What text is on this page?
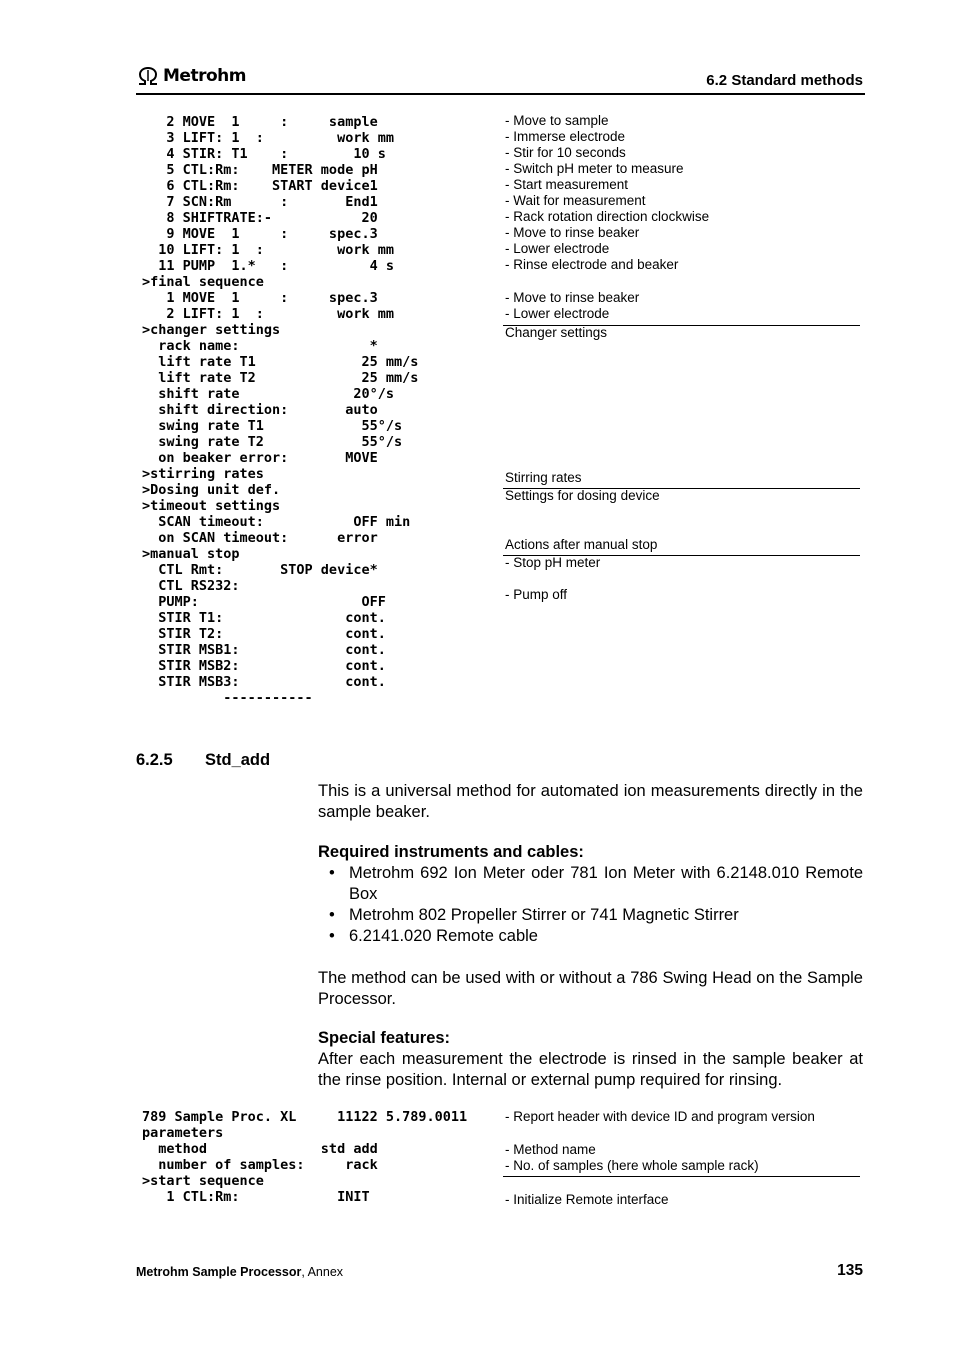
Metrohm	6.2 Standard methods
2 MOVE  1     :     sample
3 LIFT: 1  :         work mm
4 STIR: T1    :        10 s
5 CTL:Rm:    METER mode pH
6 CTL:Rm:    START device1
7 SCN:Rm      :       End1
8 SHIFTRATE:-           20
9 MOVE  1     :     spec.3
10 LIFT: 1  :         work mm
11 PUMP  1.*   :          4 s
>final sequence
1 MOVE  1     :     spec.3
2 LIFT: 1  :         work mm
>changer settings
rack name:                *
lift rate T1             25 mm/s
lift rate T2             25 mm/s
shift rate              20°/s
shift direction:       auto
swing rate T1            55°/s
swing rate T2            55°/s
on beaker error:       MOVE
>stirring rates
>Dosing unit def.
>timeout settings
SCAN timeout:           OFF min
on SCAN timeout:      error
>manual stop
CTL Rmt:       STOP device*
CTL RS232:
PUMP:                    OFF
STIR T1:               cont.
STIR T2:               cont.
STIR MSB1:             cont.
STIR MSB2:             cont.
STIR MSB3:             cont.
-----------
- Move to sample
- Immerse electrode
- Stir for 10 seconds
- Switch pH meter to measure
- Start measurement
- Wait for measurement
- Rack rotation direction clockwise
- Move to rinse beaker
- Lower electrode
- Rinse electrode and beaker
- Move to rinse beaker
- Lower electrode
Changer settings
Stirring rates
Settings for dosing device
Actions after manual stop
- Stop pH meter
- Pump off
6.2.5 Std_add
This is a universal method for automated ion measurements directly in the sample beaker.
Required instruments and cables:
• Metrohm 692 Ion Meter oder 781 Ion Meter with 6.2148.010 Remote Box
• Metrohm 802 Propeller Stirrer or 741 Magnetic Stirrer
• 6.2141.020 Remote cable
The method can be used with or without a 786 Swing Head on the Sample Processor.
Special features:
After each measurement the electrode is rinsed in the sample beaker at the rinse position. Internal or external pump required for rinsing.
789 Sample Proc. XL     11122 5.789.0011
parameters
method              std add
number of samples:     rack
>start sequence
1 CTL:Rm:            INIT
- Report header with device ID and program version
- Method name
- No. of samples (here whole sample rack)
- Initialize Remote interface
Metrohm Sample Processor, Annex	135
